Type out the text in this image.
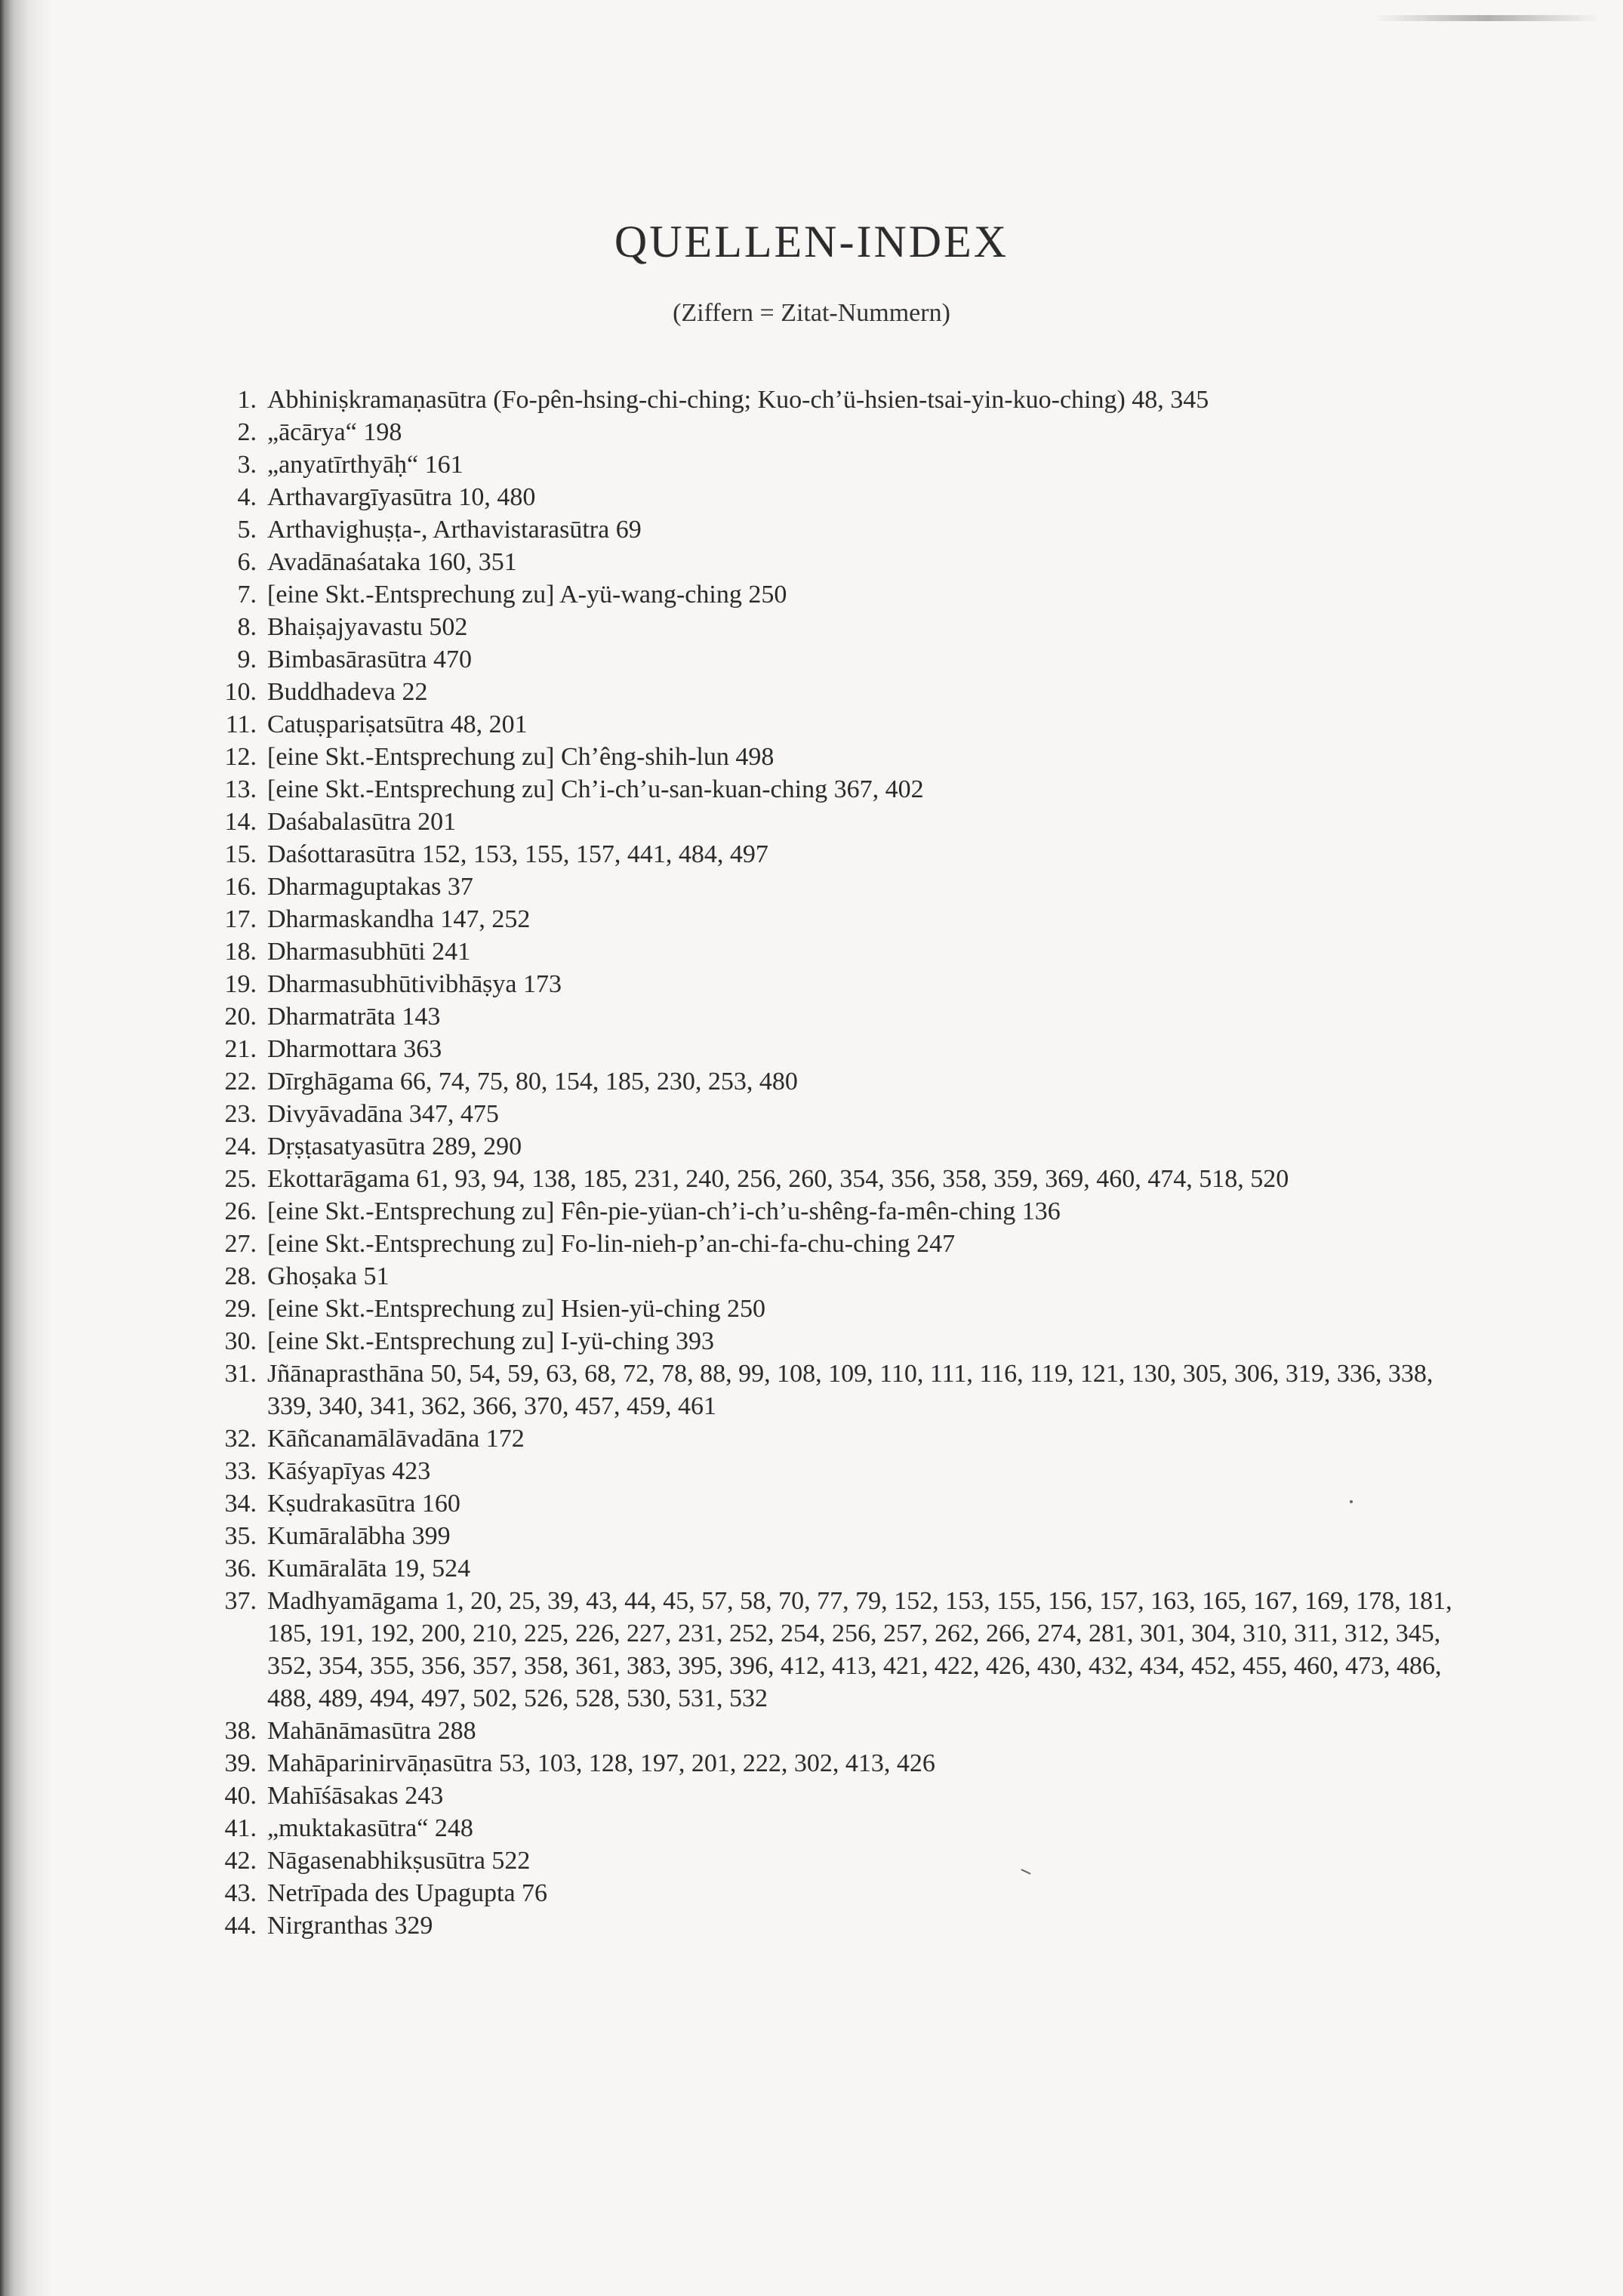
QUELLEN-INDEX
(Ziffern = Zitat-Nummern)
1. Abhiniṣkramaṇasūtra (Fo-pên-hsing-chi-ching; Kuo-ch’ü-hsien-tsai-yin-kuo-ching) 48, 345
2. „ācārya“ 198
3. „anyatīrthyāḥ“ 161
4. Arthavargīyasūtra 10, 480
5. Arthavighuṣṭa-, Arthavistarasūtra 69
6. Avadānaśataka 160, 351
7. [eine Skt.-Entsprechung zu] A-yü-wang-ching 250
8. Bhaiṣajyavastu 502
9. Bimbasārasūtra 470
10. Buddhadeva 22
11. Catuṣpariṣatsūtra 48, 201
12. [eine Skt.-Entsprechung zu] Ch’êng-shih-lun 498
13. [eine Skt.-Entsprechung zu] Ch’i-ch’u-san-kuan-ching 367, 402
14. Daśabalasūtra 201
15. Daśottarasūtra 152, 153, 155, 157, 441, 484, 497
16. Dharmaguptakas 37
17. Dharmaskandha 147, 252
18. Dharmasubhūti 241
19. Dharmasubhūtivibhāṣya 173
20. Dharmatrāta 143
21. Dharmottara 363
22. Dīrghāgama 66, 74, 75, 80, 154, 185, 230, 253, 480
23. Divyāvadāna 347, 475
24. Dṛṣṭasatyasūtra 289, 290
25. Ekottarāgama 61, 93, 94, 138, 185, 231, 240, 256, 260, 354, 356, 358, 359, 369, 460, 474, 518, 520
26. [eine Skt.-Entsprechung zu] Fên-pie-yüan-ch’i-ch’u-shêng-fa-mên-ching 136
27. [eine Skt.-Entsprechung zu] Fo-lin-nieh-p’an-chi-fa-chu-ching 247
28. Ghoṣaka 51
29. [eine Skt.-Entsprechung zu] Hsien-yü-ching 250
30. [eine Skt.-Entsprechung zu] I-yü-ching 393
31. Jñānaprasthāna 50, 54, 59, 63, 68, 72, 78, 88, 99, 108, 109, 110, 111, 116, 119, 121, 130, 305, 306, 319, 336, 338, 339, 340, 341, 362, 366, 370, 457, 459, 461
32. Kāñcanamālāvadāna 172
33. Kāśyapīyas 423
34. Kṣudrakasūtra 160
35. Kumāralābha 399
36. Kumāralāta 19, 524
37. Madhyamāgama 1, 20, 25, 39, 43, 44, 45, 57, 58, 70, 77, 79, 152, 153, 155, 156, 157, 163, 165, 167, 169, 178, 181, 185, 191, 192, 200, 210, 225, 226, 227, 231, 252, 254, 256, 257, 262, 266, 274, 281, 301, 304, 310, 311, 312, 345, 352, 354, 355, 356, 357, 358, 361, 383, 395, 396, 412, 413, 421, 422, 426, 430, 432, 434, 452, 455, 460, 473, 486, 488, 489, 494, 497, 502, 526, 528, 530, 531, 532
38. Mahānāmasūtra 288
39. Mahāparinirvāṇasūtra 53, 103, 128, 197, 201, 222, 302, 413, 426
40. Mahīśāsakas 243
41. „muktakasūtra“ 248
42. Nāgasenabhikṣusūtra 522
43. Netrīpada des Upagupta 76
44. Nirgranthas 329
